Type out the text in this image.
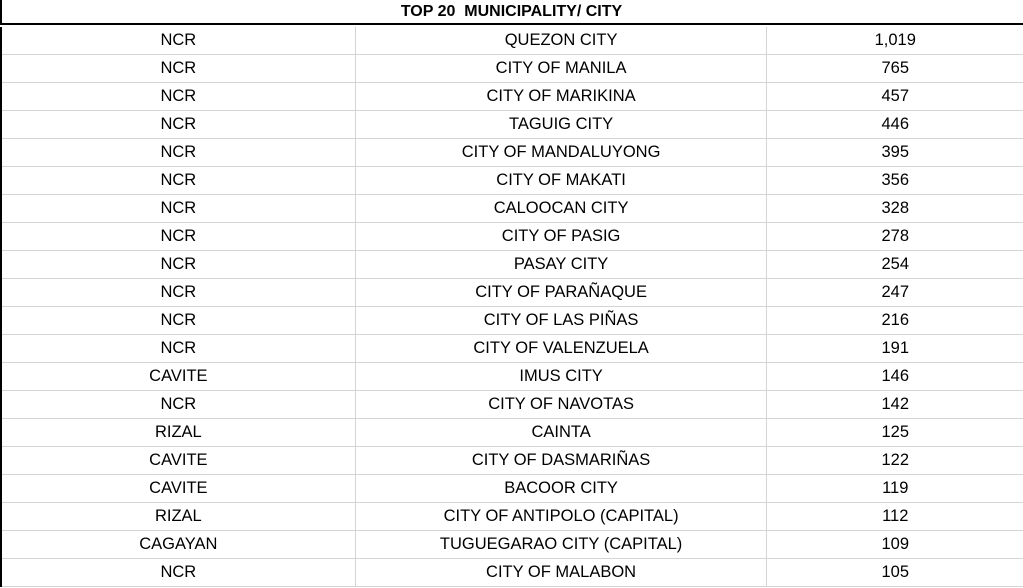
TOP 20  MUNICIPALITY/ CITY
NCR	QUEZON CITY	1,019
NCR	CITY OF MANILA	765
NCR	CITY OF MARIKINA	457
NCR	TAGUIG CITY	446
NCR	CITY OF MANDALUYONG	395
NCR	CITY OF MAKATI	356
NCR	CALOOCAN CITY	328
NCR	CITY OF PASIG	278
NCR	PASAY CITY	254
NCR	CITY OF PARAÑAQUE	247
NCR	CITY OF LAS PIÑAS	216
NCR	CITY OF VALENZUELA	191
CAVITE	IMUS CITY	146
NCR	CITY OF NAVOTAS	142
RIZAL	CAINTA	125
CAVITE	CITY OF DASMARIÑAS	122
CAVITE	BACOOR CITY	119
RIZAL	CITY OF ANTIPOLO (CAPITAL)	112
CAGAYAN	TUGUEGARAO CITY (CAPITAL)	109
NCR	CITY OF MALABON	105
